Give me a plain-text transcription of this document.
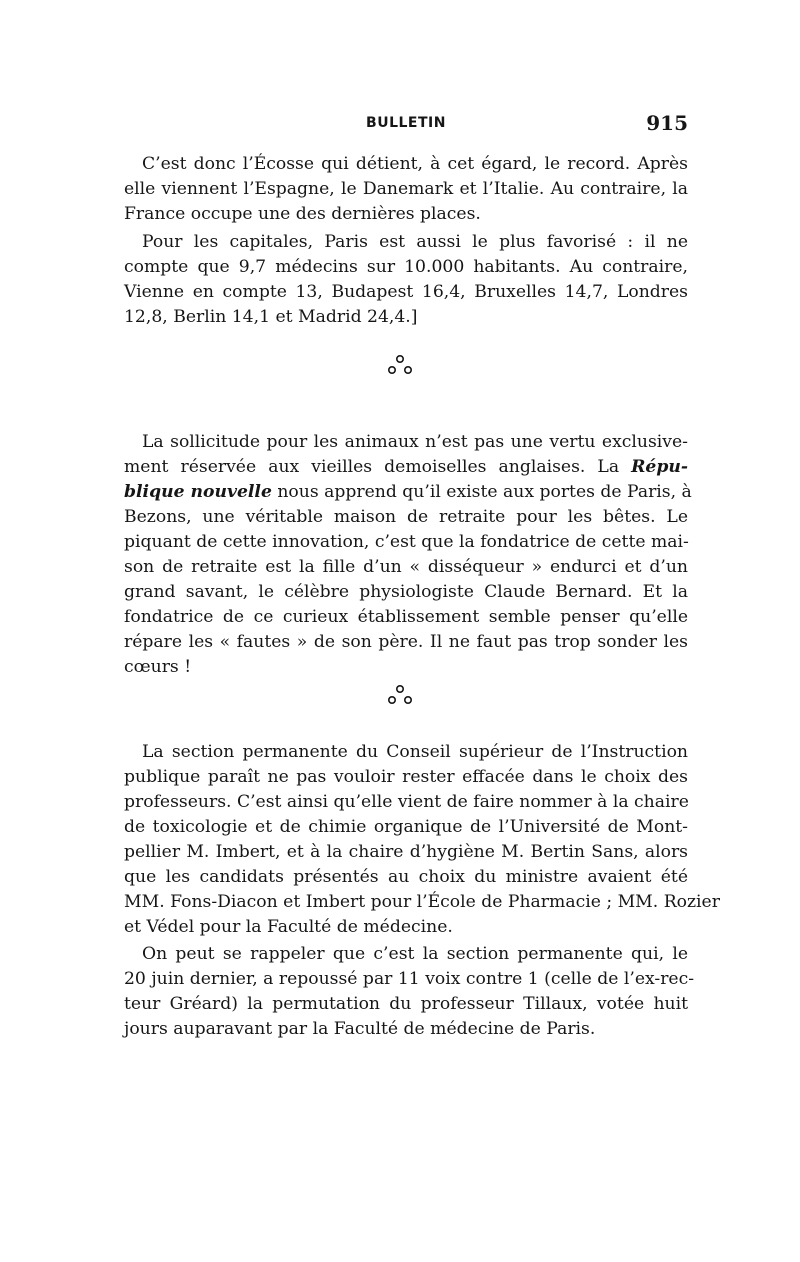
BULLETIN	915
C’est donc l’Écosse qui détient, à cet égard, le record. Après
elle viennent l’Espagne, le Danemark et l’Italie. Au contraire, la
France occupe une des dernières places.
Pour les capitales, Paris est aussi le plus favorisé : il ne
compte que 9,7 médecins sur 10.000 habitants. Au contraire,
Vienne en compte 13, Budapest 16,4, Bruxelles 14,7, Londres
12,8, Berlin 14,1 et Madrid 24,4.]
La sollicitude pour les animaux n’est pas une vertu exclusive-
ment réservée aux vieilles demoiselles anglaises. La Répu-
blique nouvelle nous apprend qu’il existe aux portes de Paris, à
Bezons, une véritable maison de retraite pour les bêtes. Le
piquant de cette innovation, c’est que la fondatrice de cette mai-
son de retraite est la fille d’un « disséqueur » endurci et d’un
grand savant, le célèbre physiologiste Claude Bernard. Et la
fondatrice de ce curieux établissement semble penser qu’elle
répare les « fautes » de son père. Il ne faut pas trop sonder les
cœurs !
La section permanente du Conseil supérieur de l’Instruction
publique paraît ne pas vouloir rester effacée dans le choix des
professeurs. C’est ainsi qu’elle vient de faire nommer à la chaire
de toxicologie et de chimie organique de l’Université de Mont-
pellier M. Imbert, et à la chaire d’hygiène M. Bertin Sans, alors
que les candidats présentés au choix du ministre avaient été
MM. Fons-Diacon et Imbert pour l’École de Pharmacie ; MM. Rozier
et Védel pour la Faculté de médecine.
On peut se rappeler que c’est la section permanente qui, le
20 juin dernier, a repoussé par 11 voix contre 1 (celle de l’ex-rec-
teur Gréard) la permutation du professeur Tillaux, votée huit
jours auparavant par la Faculté de médecine de Paris.
